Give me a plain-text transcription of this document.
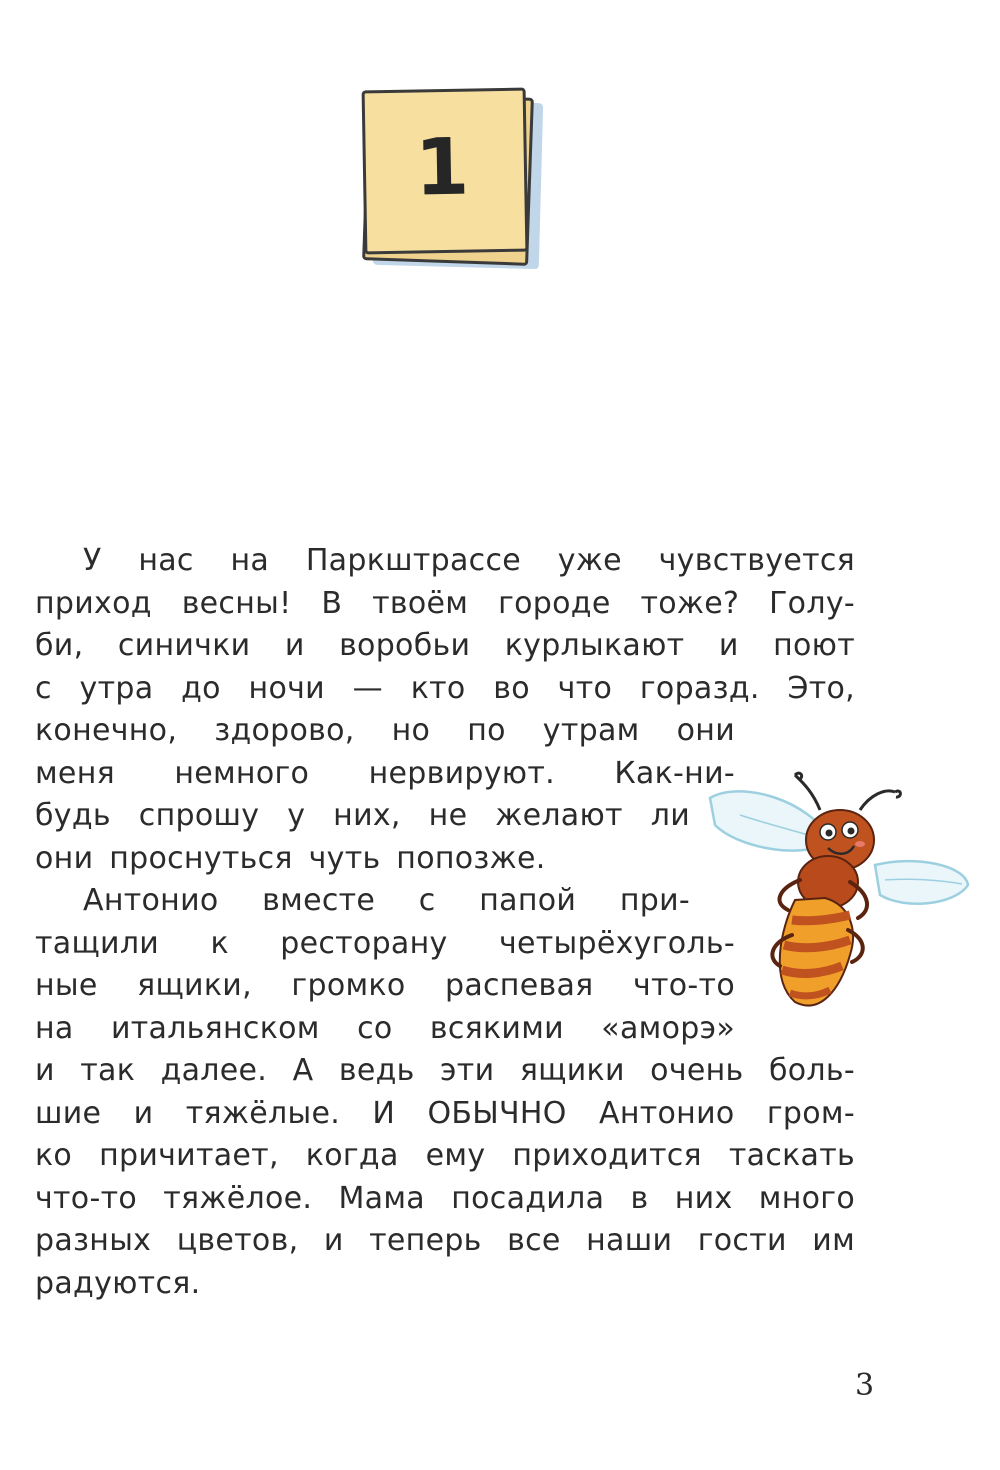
1
У нас на Паркштрассе уже чувствуется
приход весны! В твоём городе тоже? Голу-
би, синички и воробьи курлыкают и поют
с утра до ночи — кто во что горазд. Это,
конечно, здорово, но по утрам они
меня немного нервируют. Как-ни-
будь спрошу у них, не желают ли
они проснуться чуть попозже.
Антонио вместе с папой при-
тащили к ресторану четырёхуголь-
ные ящики, громко распевая что-то
на итальянском со всякими «аморэ»
и так далее. А ведь эти ящики очень боль-
шие и тяжёлые. И ОБЫЧНО Антонио гром-
ко причитает, когда ему приходится таскать
что-то тяжёлое. Мама посадила в них много
разных цветов, и теперь все наши гости им
радуются.
3
